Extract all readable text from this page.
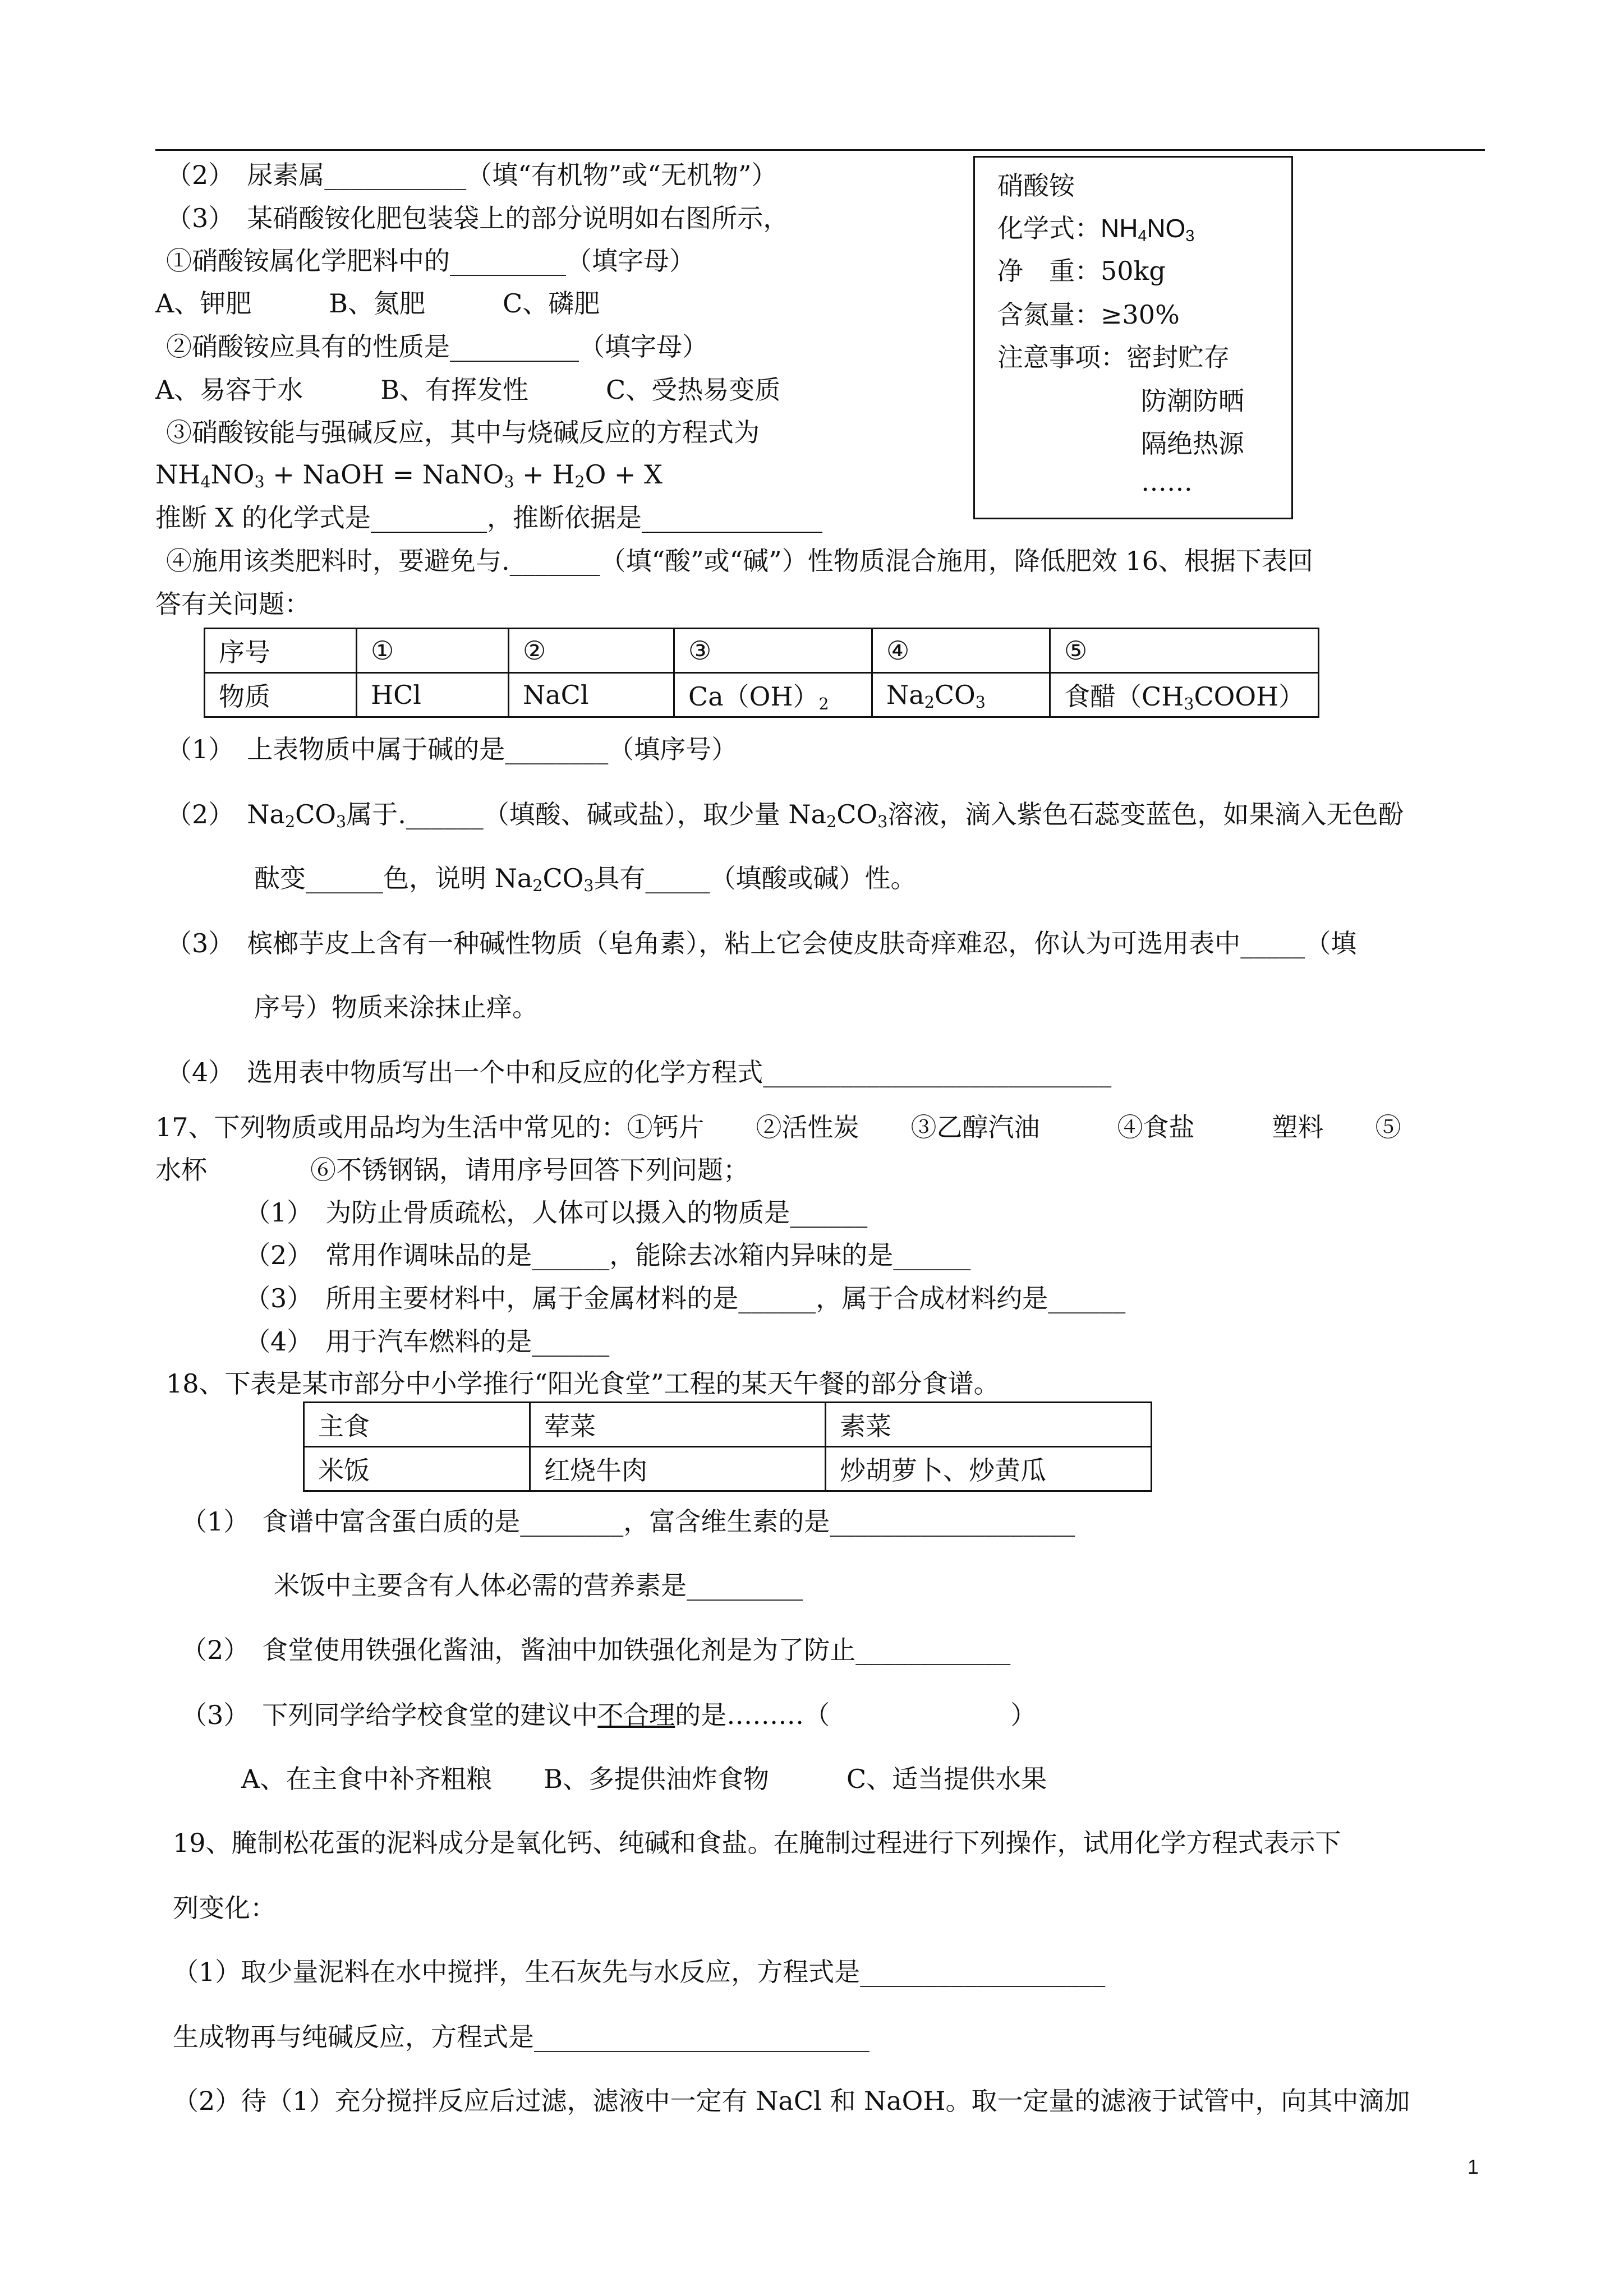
（2）　尿素属___________（填“有机物”或“无机物”）
（3）　某硝酸铵化肥包装袋上的部分说明如右图所示，
①硝酸铵属化学肥料中的_________（填字母）
A、钾肥　　　B、氮肥　　　C、磷肥
②硝酸铵应具有的性质是__________（填字母）
A、易容于水　　　B、有挥发性　　　C、受热易变质
③硝酸铵能与强碱反应，其中与烧碱反应的方程式为
$NH_4NO_3$ + NaOH = NaNO$_3$ + $H_2O + X$
推断 X 的化学式是_________，推断依据是______________
④施用该类肥料时，要避免与._______（填“酸”或“碱”）性物质混合施用，降低肥效 16、根据下表回
答有关问题：
硝酸铵
化学式：$NH_4NO_3$
净　重：50kg
含氮量：≥30%
注意事项：密封贮存
防潮防晒
隔绝热源
……
序号	①	②	③	④	⑤
物质	HCl	NaCl	$Ca(OH)_2$	$Na_2CO_3$	食醋$(CH_3COOH)$
（1）　上表物质中属于碱的是________（填序号）
（2）　$Na_2CO_3$属于.______（填酸、碱或盐），取少量 $Na_2CO_3$溶液，滴入紫色石蕊变蓝色，如果滴入无色酚
酞变______色，说明 $Na_2CO_3$具有_____（填酸或碱）性。
（3）　槟榔芋皮上含有一种碱性物质（皂角素），粘上它会使皮肤奇痒难忍，你认为可选用表中_____（填
序号）物质来涂抹止痒。
（4）　选用表中物质写出一个中和反应的化学方程式___________________________
17、下列物质或用品均为生活中常见的：①钙片　　②活性炭　　③乙醇汽油　　　④食盐　　　塑料　　⑤
水杯　　　　⑥不锈钢锅，请用序号回答下列问题；
（1）　为防止骨质疏松，人体可以摄入的物质是______
（2）　常用作调味品的是______，能除去冰箱内异味的是______
（3）　所用主要材料中，属于金属材料的是______，属于合成材料约是______
（4）　用于汽车燃料的是______
18、下表是某市部分中小学推行“阳光食堂”工程的某天午餐的部分食谱。
主食	荤菜	素菜
米饭	红烧牛肉	炒胡萝卜、炒黄瓜
（1）　食谱中富含蛋白质的是________，富含维生素的是___________________
米饭中主要含有人体必需的营养素是_________
（2）　食堂使用铁强化酱油，酱油中加铁强化剂是为了防止____________
（3）　下列同学给学校食堂的建议中不合理的是………（　　　　　　　）
A、在主食中补齐粗粮　　B、多提供油炸食物　　　C、适当提供水果
19、腌制松花蛋的泥料成分是氧化钙、纯碱和食盐。在腌制过程进行下列操作，试用化学方程式表示下
列变化：
（1）取少量泥料在水中搅拌，生石灰先与水反应，方程式是___________________
生成物再与纯碱反应，方程式是__________________________
（2）待（1）充分搅拌反应后过滤，滤液中一定有 NaCl 和 NaOH。取一定量的滤液于试管中，向其中滴加
1
